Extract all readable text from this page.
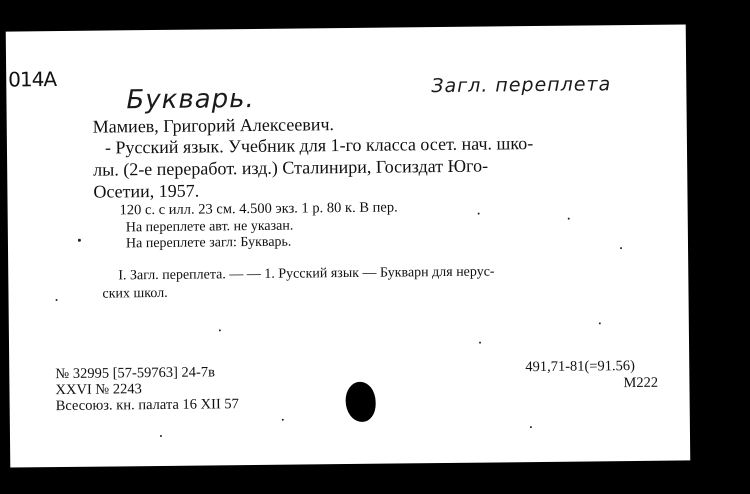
014A
Букварь.	Загл. переплета
Мамиев, Григорий Алексеевич.
- Русский язык. Учебник для 1-го класса осет. нач. шко-
лы. (2-е переработ. изд.) Сталинири, Госиздат Юго-
Осетии, 1957.
120 с. с илл. 23 см. 4.500 экз. 1 р. 80 к. В пер.
На переплете авт. не указан.
На переплете загл: Букварь.
I. Загл. переплета. — — 1. Русский язык — Букварн для нерус-
ских школ.
№ 32995 [57-59763] 24-7в
XXVI № 2243
Всесоюз. кн. палата 16 XII 57
491,71-81(=91.56)
М222
